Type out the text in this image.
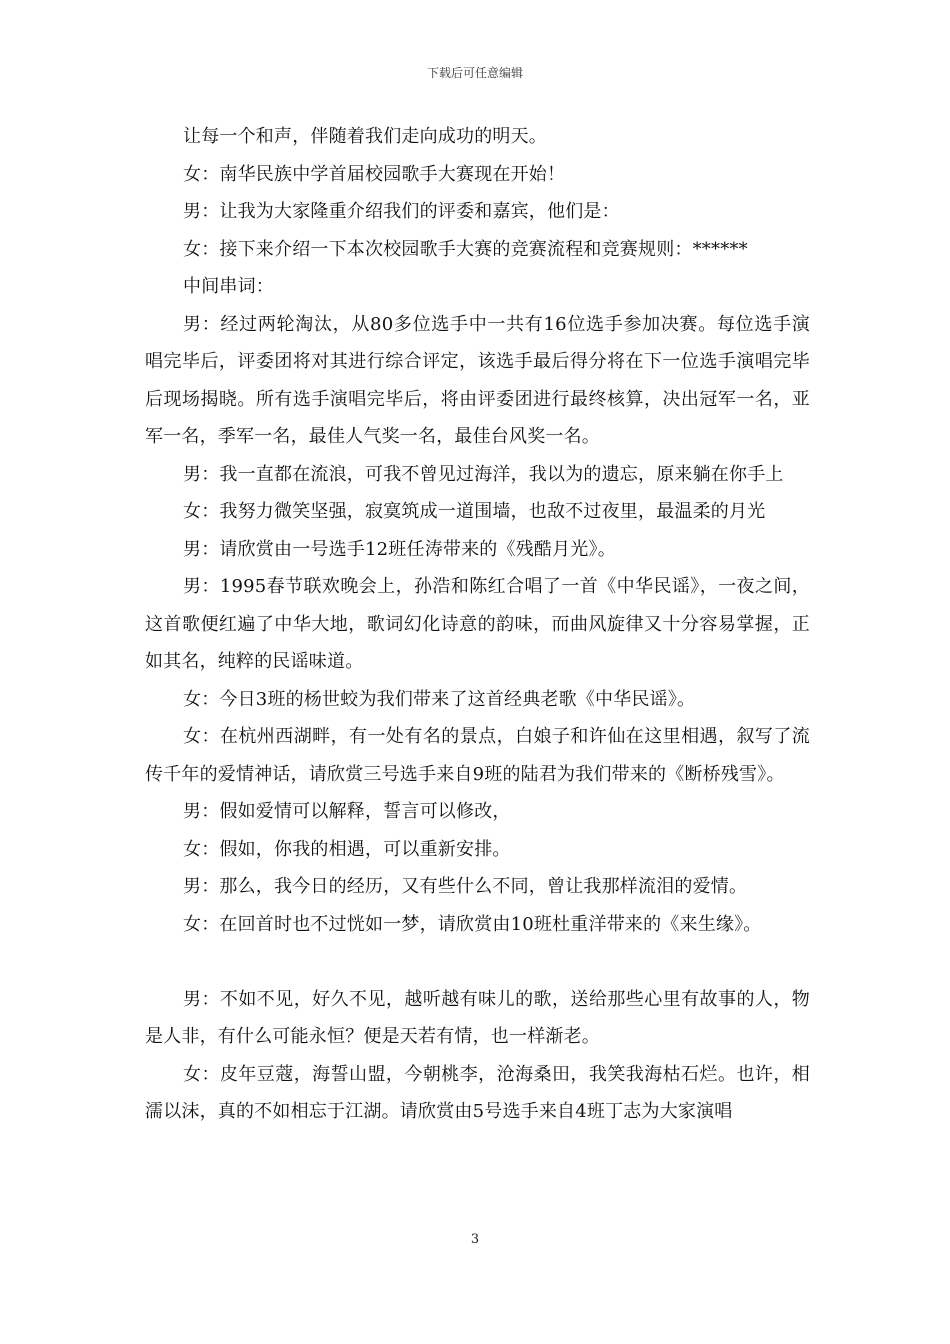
下载后可任意编辑

让每一个和声，伴随着我们走向成功的明天。

女：南华民族中学首届校园歌手大赛现在开始！

男：让我为大家隆重介绍我们的评委和嘉宾，他们是：

女：接下来介绍一下本次校园歌手大赛的竞赛流程和竞赛规则：******

中间串词：

男：经过两轮淘汰，从80多位选手中一共有16位选手参加决赛。每位选手演唱完毕后，评委团将对其进行综合评定，该选手最后得分将在下一位选手演唱完毕后现场揭晓。所有选手演唱完毕后，将由评委团进行最终核算，决出冠军一名，亚军一名，季军一名，最佳人气奖一名，最佳台风奖一名。

男：我一直都在流浪，可我不曾见过海洋，我以为的遗忘，原来躺在你手上

女：我努力微笑坚强，寂寞筑成一道围墙，也敌不过夜里，最温柔的月光

男：请欣赏由一号选手12班任涛带来的《残酷月光》。

男：1995春节联欢晚会上，孙浩和陈红合唱了一首《中华民谣》，一夜之间，这首歌便红遍了中华大地，歌词幻化诗意的韵味，而曲风旋律又十分容易掌握，正如其名，纯粹的民谣味道。

女：今日3班的杨世蛟为我们带来了这首经典老歌《中华民谣》。

女：在杭州西湖畔，有一处有名的景点，白娘子和许仙在这里相遇，叙写了流传千年的爱情神话，请欣赏三号选手来自9班的陆君为我们带来的《断桥残雪》。

男：假如爱情可以解释，誓言可以修改，

女：假如，你我的相遇，可以重新安排。

男：那么，我今日的经历，又有些什么不同，曾让我那样流泪的爱情。

女：在回首时也不过恍如一梦，请欣赏由10班杜重洋带来的《来生缘》。

男：不如不见，好久不见，越听越有味儿的歌，送给那些心里有故事的人，物是人非，有什么可能永恒？便是天若有情，也一样渐老。

女：皮年豆蔻，海誓山盟，今朝桃李，沧海桑田，我笑我海枯石烂。也许，相濡以沫，真的不如相忘于江湖。请欣赏由5号选手来自4班丁志为大家演唱

3
